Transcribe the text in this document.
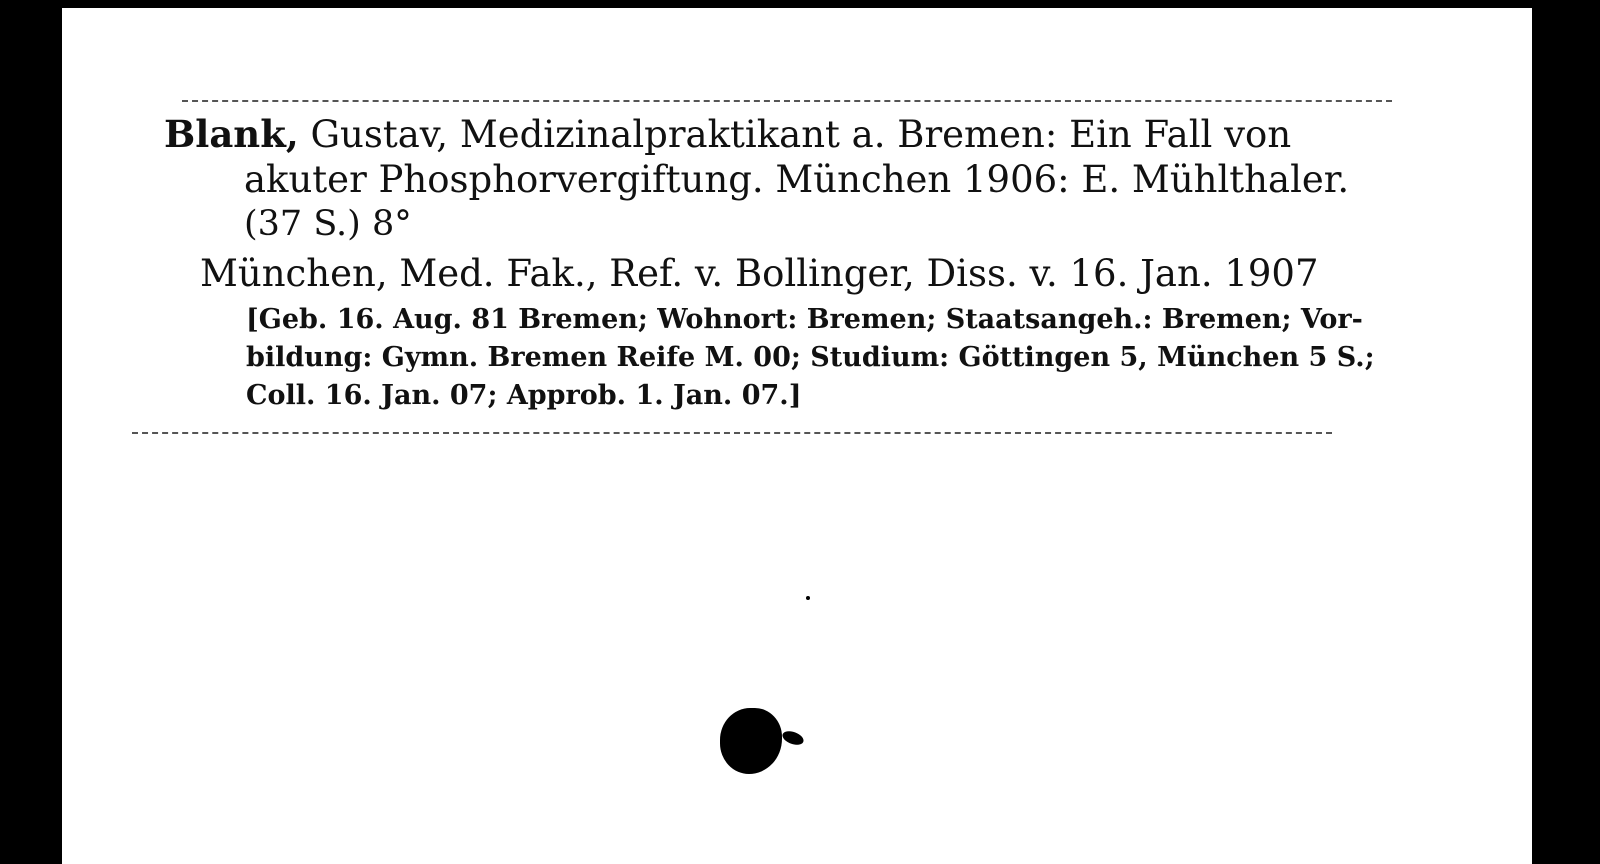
Blank, Gustav, Medizinalpraktikant a. Bremen: Ein Fall von
akuter Phosphorvergiftung. München 1906: E. Mühlthaler.
(37 S.) 8°
München, Med. Fak., Ref. v. Bollinger, Diss. v. 16. Jan. 1907
[Geb. 16. Aug. 81 Bremen; Wohnort: Bremen; Staatsangeh.: Bremen; Vor-
bildung: Gymn. Bremen Reife M. 00; Studium: Göttingen 5, München 5 S.;
Coll. 16. Jan. 07; Approb. 1. Jan. 07.]
